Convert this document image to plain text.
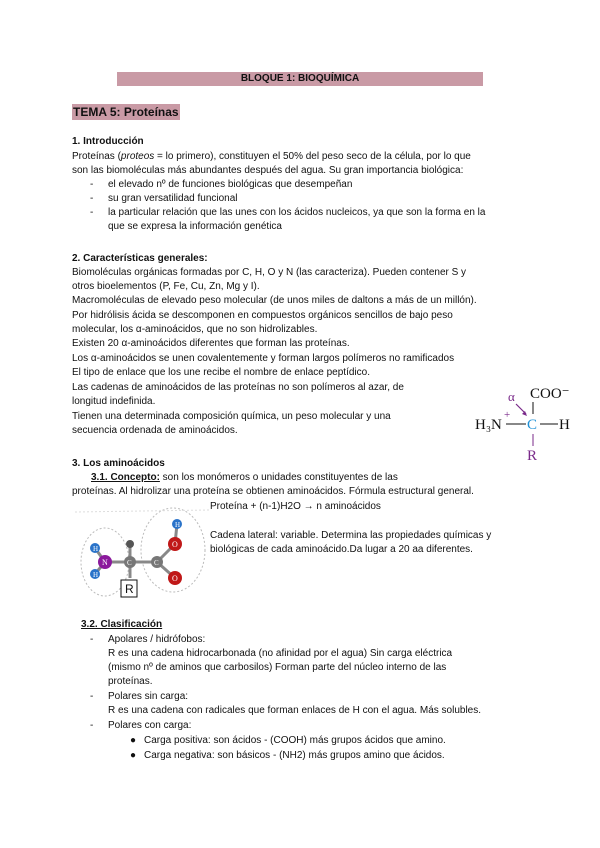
BLOQUE 1: BIOQUÍMICA
TEMA 5: Proteínas
1. Introducción
Proteínas (proteos = lo primero), constituyen el 50% del peso seco de la célula, por lo que
son las biomoléculas más abundantes después del agua. Su gran importancia biológica:
- el elevado nº de funciones biológicas que desempeñan
- su gran versatilidad funcional
- la particular relación que las unes con los ácidos nucleicos, ya que son la forma en la
que se expresa la información genética
2. Características generales:
Biomoléculas orgánicas formadas por C, H, O y N (las caracteriza). Pueden contener S y
otros bioelementos (P, Fe, Cu, Zn, Mg y I).
Macromoléculas de elevado peso molecular (de unos miles de daltons a más de un millón).
Por hidrólisis ácida se descomponen en compuestos orgánicos sencillos de bajo peso
molecular, los α-aminoácidos, que no son hidrolizables.
Existen 20 α-aminoácidos diferentes que forman las proteínas.
Los α-aminoácidos se unen covalentemente y forman largos polímeros no ramificados
El tipo de enlace que los une recibe el nombre de enlace peptídico.
Las cadenas de aminoácidos de las proteínas no son polímeros al azar, de
longitud indefinida.
Tienen una determinada composición química, un peso molecular y una
secuencia ordenada de aminoácidos.
COO⁻
α
H₃N
+
C H
R
3. Los aminoácidos
3.1. Concepto: son los monómeros o unidades constituyentes de las
proteínas. Al hidrolizar una proteína se obtienen aminoácidos. Fórmula estructural general.
Proteína + (n-1)H2O → n aminoácidos
Cadena lateral: variable. Determina las propiedades químicas y
biológicas de cada aminoácido.Da lugar a 20 aa diferentes.
H
H
N	C	C
H
O
O
R
3.2. Clasificación
- Apolares / hidrófobos:
R es una cadena hidrocarbonada (no afinidad por el agua) Sin carga eléctrica
(mismo nº de aminos que carbosilos) Forman parte del núcleo interno de las
proteínas.
- Polares sin carga:
R es una cadena con radicales que forman enlaces de H con el agua. Más solubles.
- Polares con carga:
● Carga positiva: son ácidos - (COOH) más grupos ácidos que amino.
● Carga negativa: son básicos - (NH2) más grupos amino que ácidos.
